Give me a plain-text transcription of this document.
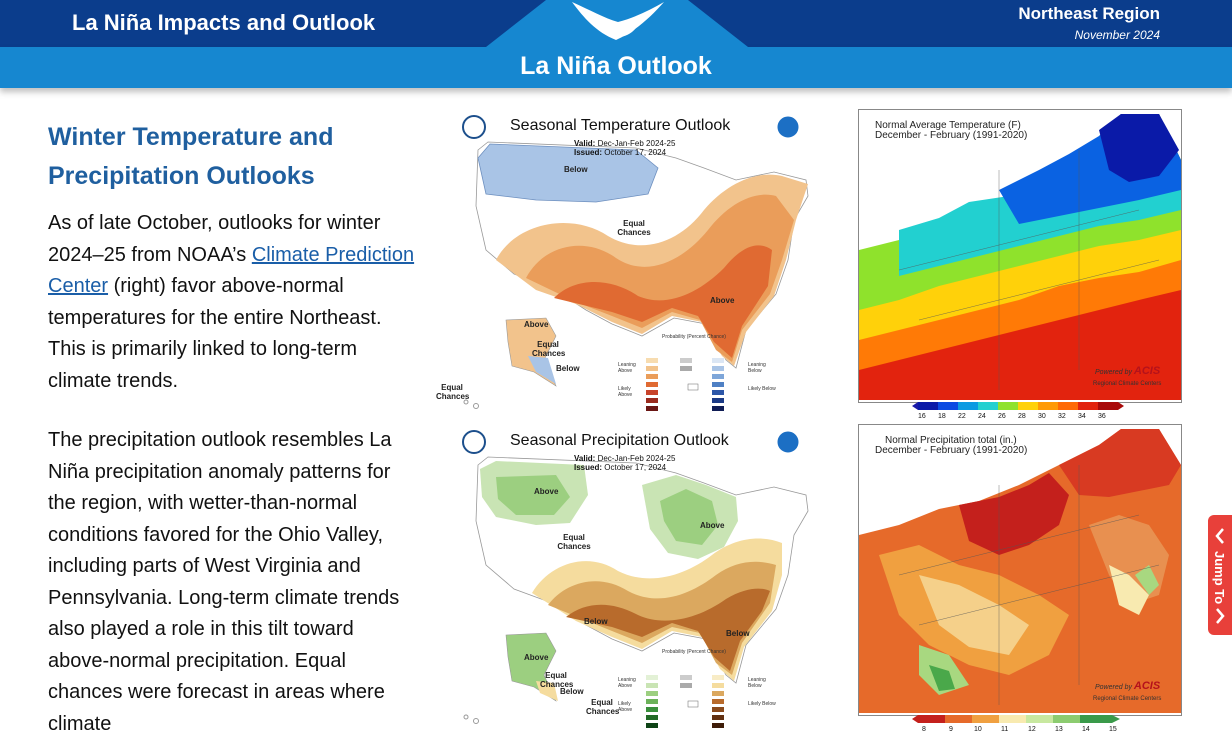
La Niña Impacts and Outlook	Northeast Region
November 2024
La Niña Outlook
Winter Temperature and Precipitation Outlooks

As of late October, outlooks for winter 2024–25 from NOAA’s Climate Prediction Center (right) favor above-normal temperatures for the entire Northeast. This is primarily linked to long-term climate trends.

The precipitation outlook resembles La Niña precipitation anomaly patterns for the region, with wetter-than-normal conditions favored for the Ohio Valley, including parts of West Virginia and Pennsylvania. Long-term climate trends also played a role in this tilt toward above-normal precipitation. Equal chances were forecast in areas where climate

Seasonal Temperature Outlook
Valid: Dec-Jan-Feb 2024-25
Issued: October 17, 2024
Below
Equal Chances
Above
Above
Equal Chances
Below
Equal Chances
Probability (Percent Chance)
Leaning Above
Likely Above
Leaning Below
Likely Below
Seasonal Precipitation Outlook
Valid: Dec-Jan-Feb 2024-25
Issued: October 17, 2024
Above
Above
Equal Chances
Below
Below
Above
Equal Chances
Below
Equal Chances
Probability (Percent Chance)
Leaning Above
Likely Above
Leaning Below
Likely Below
Normal Average Temperature (F)
December - February (1991-2020)
Powered by ACIS
Regional Climate Centers
16 18 22 24 26 28 30 32 34 36
Normal Precipitation total (in.)
December - February (1991-2020)
Powered by ACIS
Regional Climate Centers
8	9	10	11	12	13	14	15
Jump To
